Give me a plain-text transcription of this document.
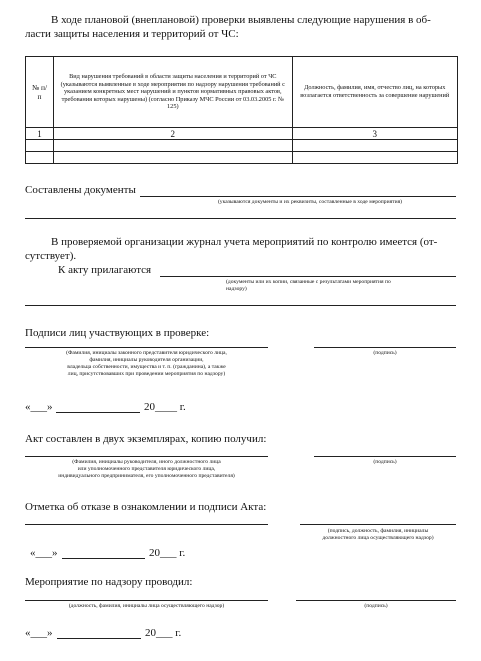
В ходе плановой (внеплановой) проверки выявлены следующие нарушения в об-
ласти защиты населения и территорий от ЧС:
№ п/п	Вид нарушения требований в области защиты населения и территорий от ЧС (указываются выявленные в ходе мероприятия по надзору нарушения требований с указанием конкретных мест нарушений и пунктов нормативных правовых актов, требования которых нарушены) (согласно Приказу МЧС России от 03.03.2005 г. № 125)	Должность, фамилия, имя, отчество лиц, на которых возлагается ответственность за совершение нарушений
1	2	3

Составлены документы
(указываются документы и их реквизиты, составленные в ходе мероприятия)
В проверяемой организации журнал учета мероприятий по контролю имеется (от-
сутствует).
К акту прилагаются
(документы или их копии, связанные с результатами мероприятия по
надзору)
Подписи лиц участвующих в проверке:
(Фамилия, инициалы законного представителя юридического лица,
фамилия, инициалы руководителя организации,
владельца собственности, имущества и т. п. (гражданина), а также
лиц, присутствовавших при проведении мероприятия по надзору)
(подпись)
«___»	20____ г.
Акт составлен в двух экземплярах, копию получил:
(Фамилия, инициалы руководителя, иного должностного лица
или уполномоченного представителя юридического лица,
индивидуального предпринимателя, его уполномоченного представителя)
(подпись)
Отметка об отказе в ознакомлении и подписи Акта:
(подпись, должность, фамилия, инициалы
должностного лица осуществляющего надзор)
«___»	20___ г.
Мероприятие по надзору проводил:
(должность, фамилия, инициалы лица осуществляющего надзор)	(подпись)
«___»	20___ г.
